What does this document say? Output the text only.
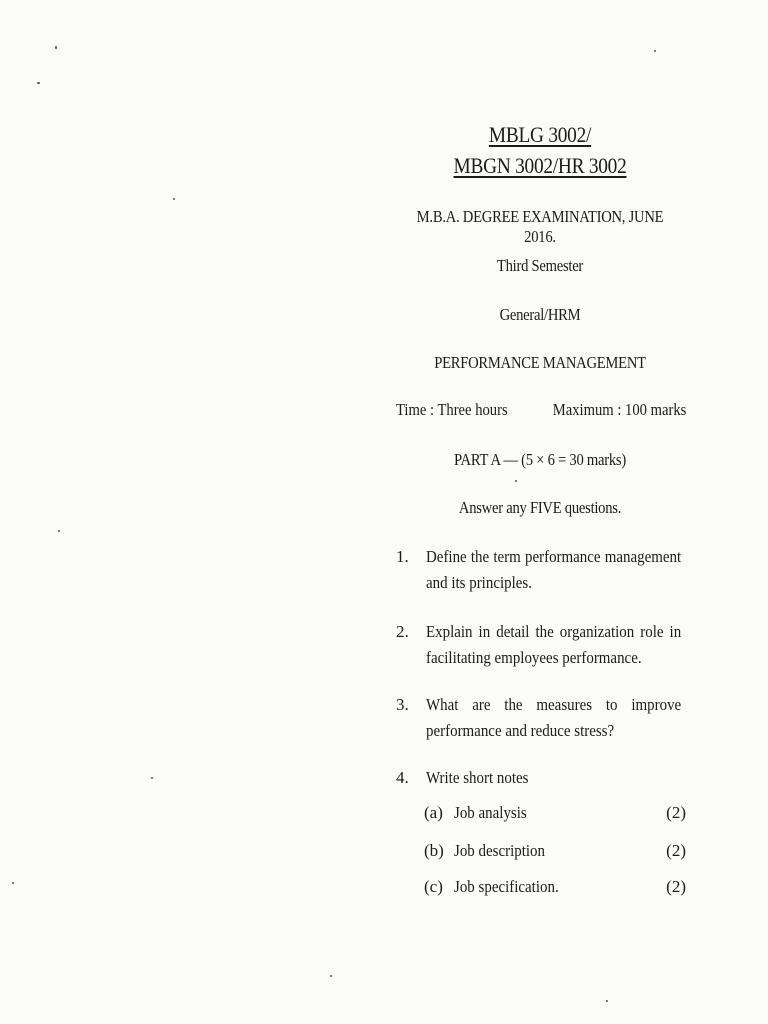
MBLG 3002/
MBGN 3002/HR 3002
M.B.A. DEGREE EXAMINATION, JUNE 2016.
Third Semester
General/HRM
PERFORMANCE MANAGEMENT
Time : Three hours	Maximum : 100 marks
PART A — (5 × 6 = 30 marks)
Answer any FIVE questions.
1. Define the term performance management and its principles.
2. Explain in detail the organization role in facilitating employees performance.
3. What are the measures to improve performance and reduce stress?
4. Write short notes
(a) Job analysis	(2)
(b) Job description	(2)
(c) Job specification.	(2)
